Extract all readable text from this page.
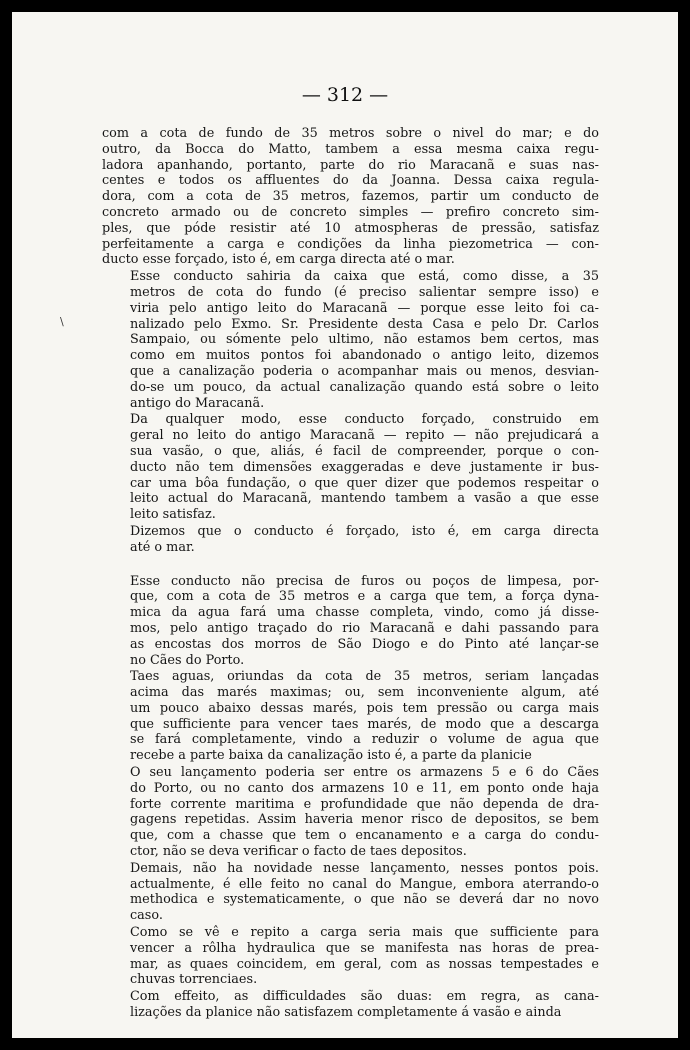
— 312 —
\

com a cota de fundo de 35 metros sobre o nivel do mar; e do
outro, da Bocca do Matto, tambem a essa mesma caixa regu-
ladora apanhando, portanto, parte do rio Maracanã e suas nas-
centes e todos os affluentes do da Joanna. Dessa caixa regula-
dora, com a cota de 35 metros, fazemos, partir um conducto de
concreto armado ou de concreto simples — prefiro concreto sim-
ples, que póde resistir até 10 atmospheras de pressão, satisfaz
perfeitamente a carga e condições da linha piezometrica — con-
ducto esse forçado, isto é, em carga directa até o mar.

Esse conducto sahiria da caixa que está, como disse, a 35
metros de cota do fundo (é preciso salientar sempre isso) e
viria pelo antigo leito do Maracanã — porque esse leito foi ca-
nalizado pelo Exmo. Sr. Presidente desta Casa e pelo Dr. Carlos
Sampaio, ou sómente pelo ultimo, não estamos bem certos, mas
como em muitos pontos foi abandonado o antigo leito, dizemos
que a canalização poderia o acompanhar mais ou menos, desvian-
do-se um pouco, da actual canalização quando está sobre o leito
antigo do Maracanã.

Da qualquer modo, esse conducto forçado, construido em
geral no leito do antigo Maracanã — repito — não prejudicará a
sua vasão, o que, aliás, é facil de compreender, porque o con-
ducto não tem dimensões exaggeradas e deve justamente ir bus-
car uma bôa fundação, o que quer dizer que podemos respeitar o
leito actual do Maracanã, mantendo tambem a vasão a que esse
leito satisfaz.

Dizemos que o conducto é forçado, isto é, em carga directa
até o mar.

Esse conducto não precisa de furos ou poços de limpesa, por-
que, com a cota de 35 metros e a carga que tem, a força dyna-
mica da agua fará uma chasse completa, vindo, como já disse-
mos, pelo antigo traçado do rio Maracanã e dahi passando para
as encostas dos morros de São Diogo e do Pinto até lançar-se
no Cães do Porto.

Taes aguas, oriundas da cota de 35 metros, seriam lançadas
acima das marés maximas; ou, sem inconveniente algum, até
um pouco abaixo dessas marés, pois tem pressão ou carga mais
que sufficiente para vencer taes marés, de modo que a descarga
se fará completamente, vindo a reduzir o volume de agua que
recebe a parte baixa da canalização isto é, a parte da planicie

O seu lançamento poderia ser entre os armazens 5 e 6 do Cães
do Porto, ou no canto dos armazens 10 e 11, em ponto onde haja
forte corrente maritima e profundidade que não dependa de dra-
gagens repetidas. Assim haveria menor risco de depositos, se bem
que, com a chasse que tem o encanamento e a carga do condu-
ctor, não se deva verificar o facto de taes depositos.

Demais, não ha novidade nesse lançamento, nesses pontos pois.
actualmente, é elle feito no canal do Mangue, embora aterrando-o
methodica e systematicamente, o que não se deverá dar no novo
caso.

Como se vê e repito a carga seria mais que sufficiente para
vencer a rôlha hydraulica que se manifesta nas horas de prea-
mar, as quaes coincidem, em geral, com as nossas tempestades e
chuvas torrenciaes.

Com effeito, as difficuldades são duas: em regra, as cana-
lizações da planice não satisfazem completamente á vasão e ainda
